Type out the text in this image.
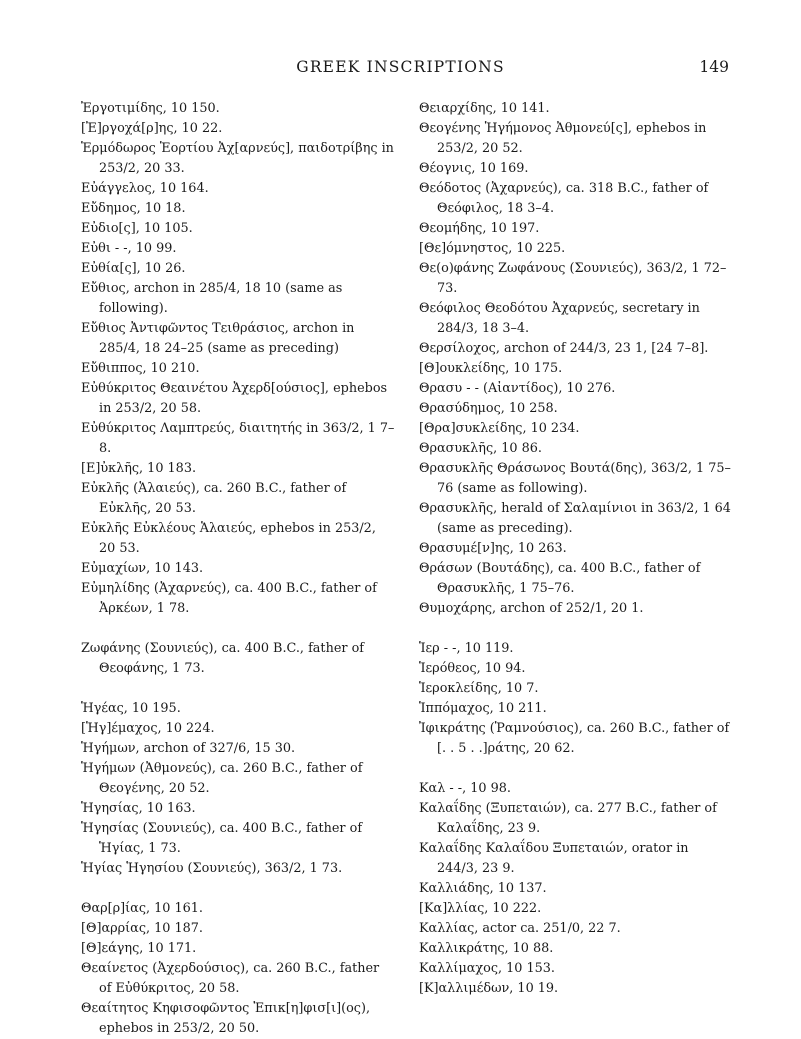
GREEK INSCRIPTIONS	149
Ἐργοτιμίδης, 10 150.
[Ἐ]ργοχά[ρ]ης, 10 22.
Ἑρμόδωρος Ἑορτίου Ἀχ[αρνεύς], παιδοτρίβης in 253/2, 20 33.
Εὐάγγελος, 10 164.
Εὔδημος, 10 18.
Εὐδιο[ς], 10 105.
Εὐθι - -, 10 99.
Εὐθία[ς], 10 26.
Εὔθιος, archon in 285/4, 18 10 (same as following).
Εὔθιος Ἀντιφῶντος Τειθράσιος, archon in 285/4, 18 24–25 (same as preceding)
Εὔθιππος, 10 210.
Εὐθύκριτος Θεαινέτου Ἀχερδ[ούσιος], ephebos in 253/2, 20 58.
Εὐθύκριτος Λαμπτρεύς, διαιτητής in 363/2, 1 7–8.
[Ε]ὐκλῆς, 10 183.
Εὐκλῆς (Ἁλαιεύς), ca. 260 B.C., father of Εὐκλῆς, 20 53.
Εὐκλῆς Εὐκλέους Ἁλαιεύς, ephebos in 253/2, 20 53.
Εὐμαχίων, 10 143.
Εὐμηλίδης (Ἀχαρνεύς), ca. 400 B.C., father of Ἀρκέων, 1 78.
Ζωφάνης (Σουνιεύς), ca. 400 B.C., father of Θεοφάνης, 1 73.
Ἡγέας, 10 195.
[Ἡγ]έμαχος, 10 224.
Ἡγήμων, archon of 327/6, 15 30.
Ἡγήμων (Ἀθμονεύς), ca. 260 B.C., father of Θεογένης, 20 52.
Ἡγησίας, 10 163.
Ἡγησίας (Σουνιεύς), ca. 400 B.C., father of Ἡγίας, 1 73.
Ἡγίας Ἡγησίου (Σουνιεύς), 363/2, 1 73.
Θαρ[ρ]ίας, 10 161.
[Θ]αρρίας, 10 187.
[Θ]εάγης, 10 171.
Θεαίνετος (Ἀχερδούσιος), ca. 260 B.C., father of Εὐθύκριτος, 20 58.
Θεαίτητος Κηφισοφῶντος Ἐπικ[η]φισ[ι](ος), ephebos in 253/2, 20 50.
Θειαρχίδης, 10 141.
Θεογένης Ἡγήμονος Ἀθμονεύ[ς], ephebos in 253/2, 20 52.
Θέογνις, 10 169.
Θεόδοτος (Ἀχαρνεύς), ca. 318 B.C., father of Θεόφιλος, 18 3–4.
Θεομήδης, 10 197.
[Θε]όμνηστος, 10 225.
Θε(ο)φάνης Ζωφάνους (Σουνιεύς), 363/2, 1 72–73.
Θεόφιλος Θεοδότου Ἀχαρνεύς, secretary in 284/3, 18 3–4.
Θερσίλοχος, archon of 244/3, 23 1, [24 7–8].
[Θ]ουκλείδης, 10 175.
Θρασυ - - (Αἰαντίδος), 10 276.
Θρασύδημος, 10 258.
[Θρα]συκλείδης, 10 234.
Θρασυκλῆς, 10 86.
Θρασυκλῆς Θράσωνος Βουτά(δης), 363/2, 1 75–76 (same as following).
Θρασυκλῆς, herald of Σαλαμίνιοι in 363/2, 1 64 (same as preceding).
Θρασυμέ[ν]ης, 10 263.
Θράσων (Βουτάδης), ca. 400 B.C., father of Θρασυκλῆς, 1 75–76.
Θυμοχάρης, archon of 252/1, 20 1.
Ἱερ - -, 10 119.
Ἱερόθεος, 10 94.
Ἱεροκλείδης, 10 7.
Ἱππόμαχος, 10 211.
Ἰφικράτης (Ῥαμνούσιος), ca. 260 B.C., father of [. . 5 . .]ράτης, 20 62.
Καλ - -, 10 98.
Καλαΐδης (Ξυπεταιών), ca. 277 B.C., father of Καλαΐδης, 23 9.
Καλαΐδης Καλαΐδου Ξυπεταιών, orator in 244/3, 23 9.
Καλλιάδης, 10 137.
[Κα]λλίας, 10 222.
Καλλίας, actor ca. 251/0, 22 7.
Καλλικράτης, 10 88.
Καλλίμαχος, 10 153.
[Κ]αλλιμέδων, 10 19.
